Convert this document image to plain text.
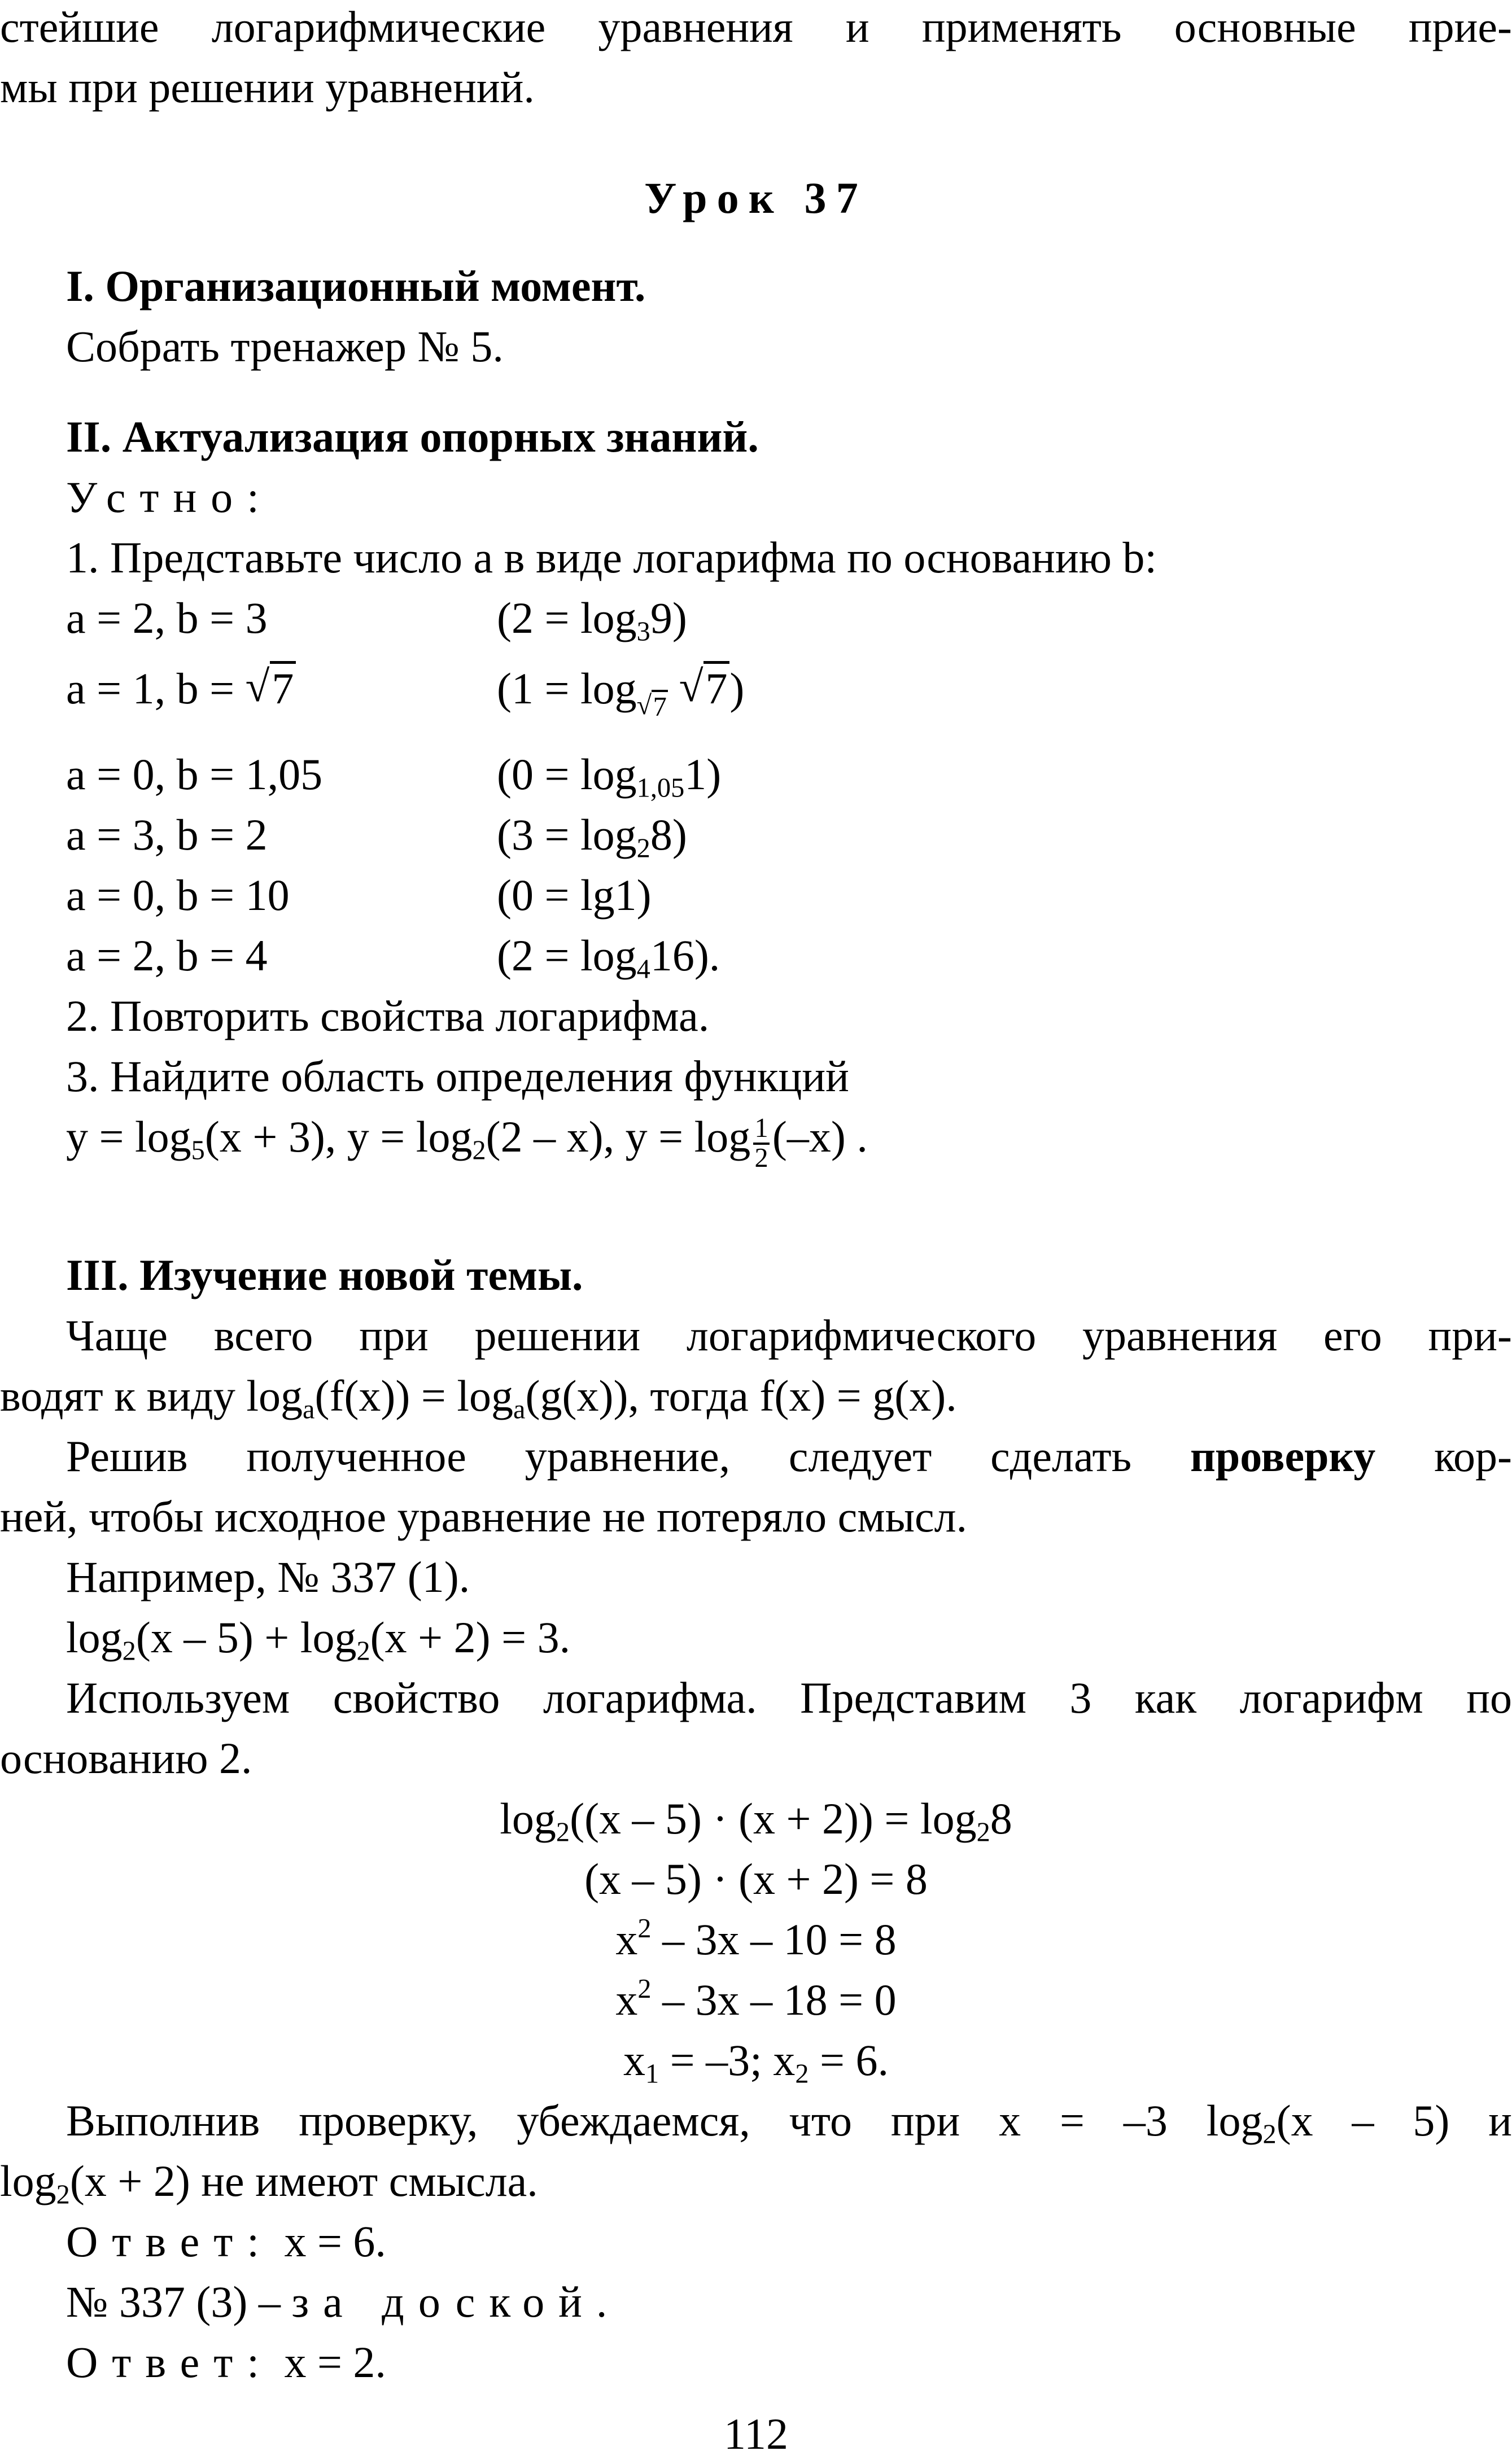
стейшие логарифмические уравнения и применять основные прие-
мы при решении уравнений.
Урок 37
I. Организационный момент.
Собрать тренажер № 5.
II. Актуализация опорных знаний.
Устно:
1. Представьте число a в виде логарифма по основанию b:
a = 2, b = 3	$(2 = \log_39)$
a = 1, b = √ 7	(1 = log √ 7 √ 7)
a = 0, b = 1,05	$(0 = \log_{1,05}1)$
a = 3, b = 2	$(3 = \log_28)$
a = 0, b = 10	(0 = lg1)
a = 2, b = 4	$(2 = \log_416)$.
2. Повторить свойства логарифма.
3. Найдите область определения функций
$y = \log_5(x + 3)$, $y = \log_2(2 - x)$, $y = \log \frac{1}{2} (-x)$ .
III. Изучение новой темы.
Чаще всего при решении логарифмического уравнения его при-
водят к виду $\log_a(f(x)) = \log_a(g(x))$, тогда f(x) = g(x).
Решив полученное уравнение, следует сделать проверку кор-
ней, чтобы исходное уравнение не потеряло смысл.
Например, № 337 (1).
$\log_2(x - 5) + \log_2(x + 2) = 3$.
Используем свойство логарифма. Представим 3 как логарифм по
основанию 2.
$\log_2((x - 5) \cdot (x + 2)) = \log_28$
(x – 5) · (x + 2) = 8
$x^2 - 3x - 10 = 8$
$x^2 - 3x - 18 = 0$
$x_1 = -3$; $x_2 = 6$.
Выполнив проверку, убеждаемся, что при x = –3 $\log_2(x - 5)$ и
$\log_2(x + 2)$ не имеют смысла.
Ответ: x = 6.
№ 337 (3) – за доской.
Ответ: x = 2.
112
